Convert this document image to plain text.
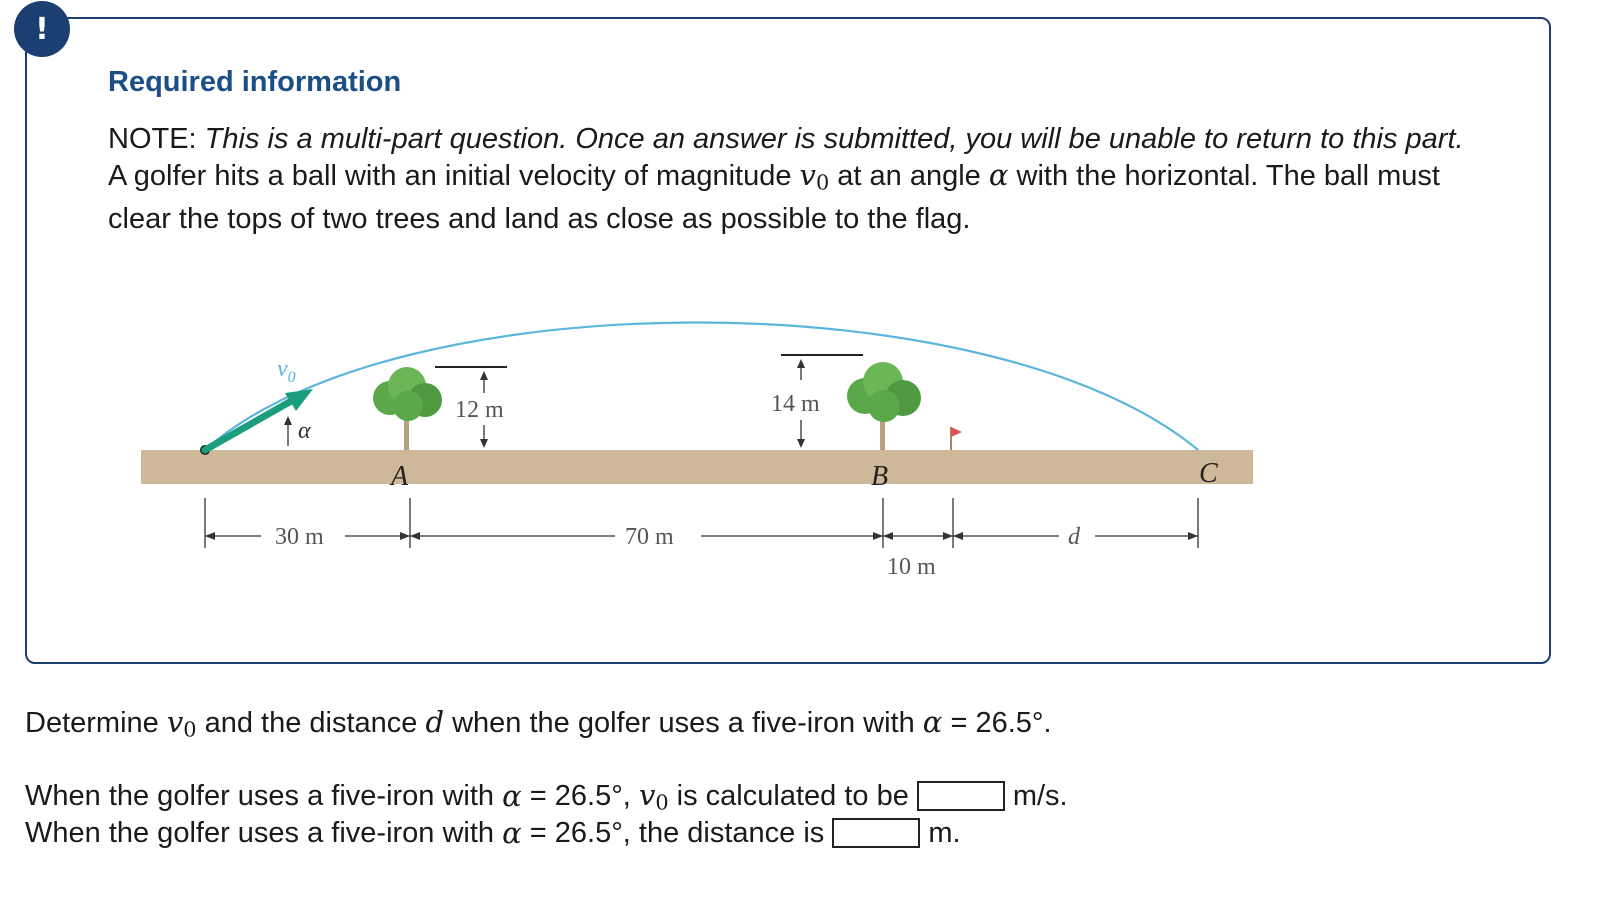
!
Required information
NOTE: This is a multi-part question. Once an answer is submitted, you will be unable to return to this part.
A golfer hits a ball with an initial velocity of magnitude $v_0$ at an angle α with the horizontal. The ball must clear the tops of two trees and land as close as possible to the flag.
$v_0$
α
12 m	14 m
A	B	C
30 m	70 m
10 m
d
Determine $v_0$ and the distance d when the golfer uses a five-iron with α = 26.5°.
When the golfer uses a five-iron with α = 26.5°, $v_0$ is calculated to be	m/s.
When the golfer uses a five-iron with α = 26.5°, the distance is	m.
